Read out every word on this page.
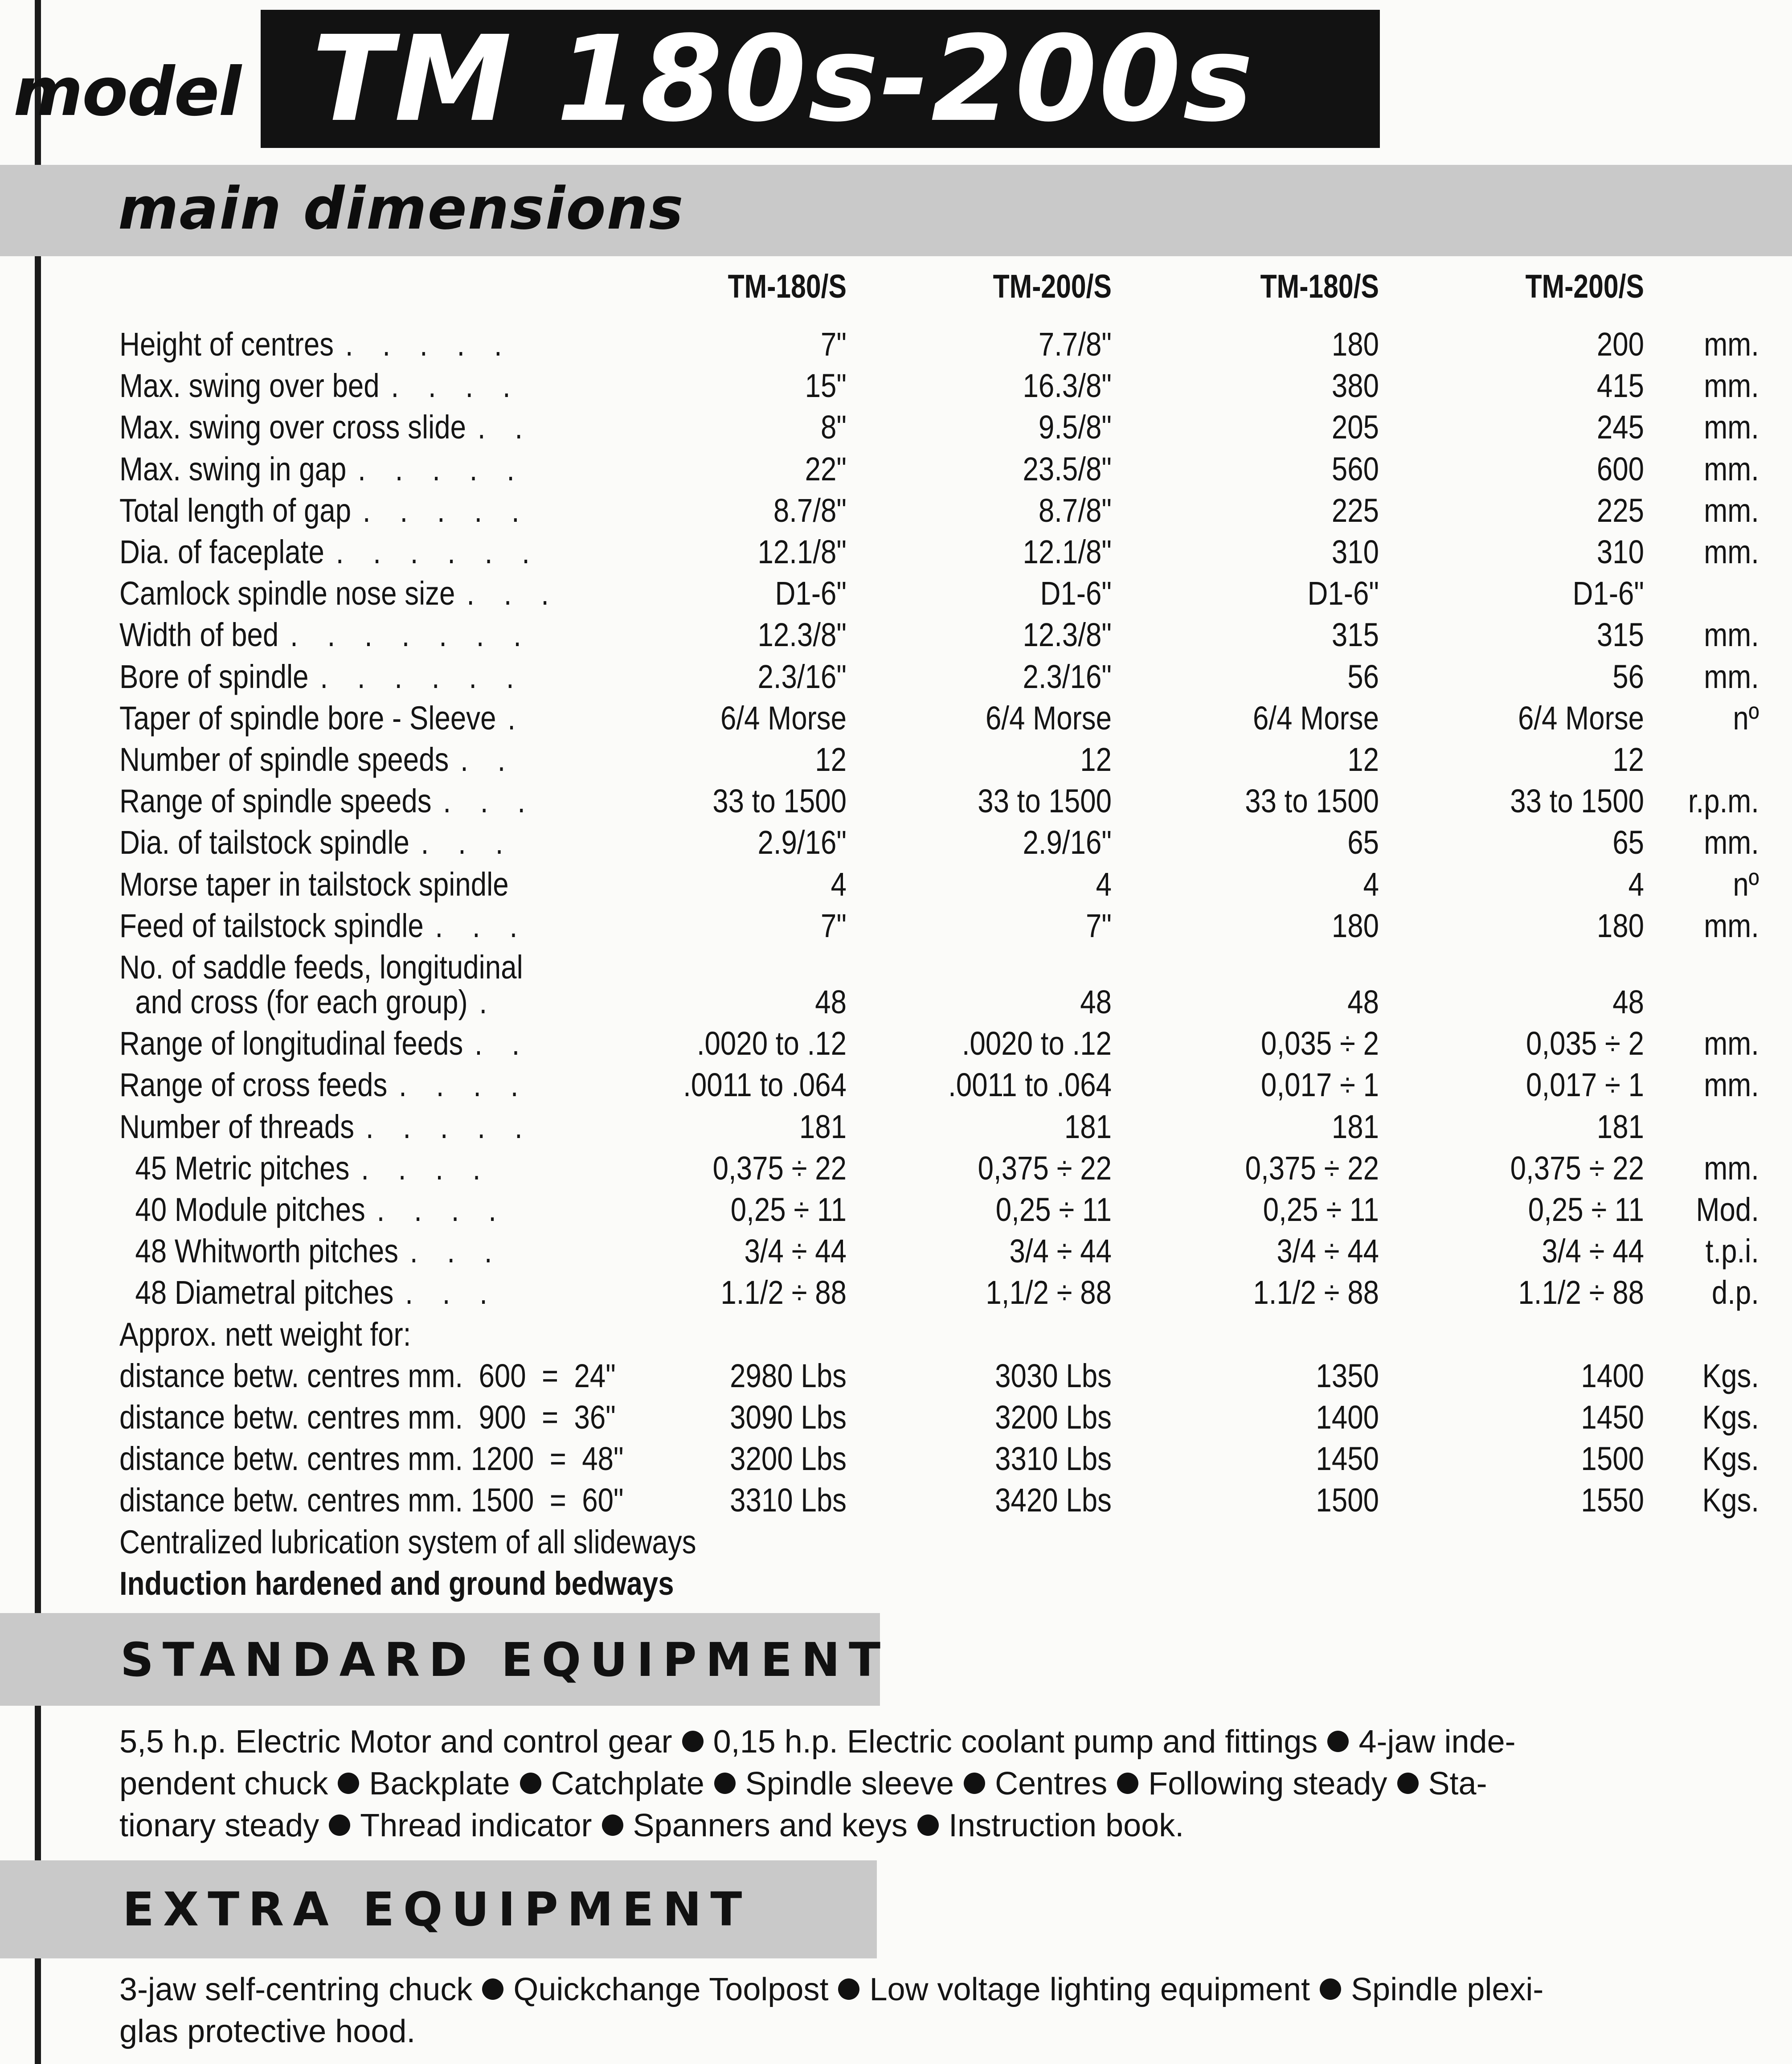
model TM 180s-200s
main dimensions
TM-180/S	TM-200/S	TM-180/S	TM-200/S
Height of centres . . . . .	7"	7.7/8"	180	200	mm.
Max. swing over bed . . . .	15"	16.3/8"	380	415	mm.
Max. swing over cross slide . .	8"	9.5/8"	205	245	mm.
Max. swing in gap . . . . .	22"	23.5/8"	560	600	mm.
Total length of gap . . . . .	8.7/8"	8.7/8"	225	225	mm.
Dia. of faceplate . . . . . .	12.1/8"	12.1/8"	310	310	mm.
Camlock spindle nose size . . .	D1-6"	D1-6"	D1-6"	D1-6"
Width of bed . . . . . . .	12.3/8"	12.3/8"	315	315	mm.
Bore of spindle . . . . . .	2.3/16"	2.3/16"	56	56	mm.
Taper of spindle bore - Sleeve .	6/4 Morse	6/4 Morse	6/4 Morse	6/4 Morse	nº
Number of spindle speeds . .	12	12	12	12
Range of spindle speeds . . .	33 to 1500	33 to 1500	33 to 1500	33 to 1500	r.p.m.
Dia. of tailstock spindle . . .	2.9/16"	2.9/16"	65	65	mm.
Morse taper in tailstock spindle	4	4	4	4	nº
Feed of tailstock spindle . . .	7"	7"	180	180	mm.
No. of saddle feeds, longitudinal
and cross (for each group) .	48	48	48	48
Range of longitudinal feeds . .	.0020 to .12	.0020 to .12	0,035 ÷ 2	0,035 ÷ 2	mm.
Range of cross feeds . . . .	.0011 to .064	.0011 to .064	0,017 ÷ 1	0,017 ÷ 1	mm.
Number of threads . . . . .	181	181	181	181
45 Metric pitches . . . .	0,375 ÷ 22	0,375 ÷ 22	0,375 ÷ 22	0,375 ÷ 22	mm.
40 Module pitches . . . .	0,25 ÷ 11	0,25 ÷ 11	0,25 ÷ 11	0,25 ÷ 11	Mod.
48 Whitworth pitches . . .	3/4 ÷ 44	3/4 ÷ 44	3/4 ÷ 44	3/4 ÷ 44	t.p.i.
48 Diametral pitches . . .	1.1/2 ÷ 88	1,1/2 ÷ 88	1.1/2 ÷ 88	1.1/2 ÷ 88	d.p.
Approx. nett weight for:
distance betw. centres mm.  600  =  24"	2980 Lbs	3030 Lbs	1350	1400	Kgs.
distance betw. centres mm.  900  =  36"	3090 Lbs	3200 Lbs	1400	1450	Kgs.
distance betw. centres mm. 1200  =  48"	3200 Lbs	3310 Lbs	1450	1500	Kgs.
distance betw. centres mm. 1500  =  60"	3310 Lbs	3420 Lbs	1500	1550	Kgs.
Centralized lubrication system of all slideways
Induction hardened and ground bedways
STANDARD EQUIPMENT
5,5 h.p. Electric Motor and control gear 0,15 h.p. Electric coolant pump and fittings 4-jaw inde-
pendent chuck Backplate Catchplate Spindle sleeve Centres Following steady Sta-
tionary steady Thread indicator Spanners and keys Instruction book.
EXTRA EQUIPMENT
3-jaw self-centring chuck Quickchange Toolpost Low voltage lighting equipment Spindle plexi-
glas protective hood.
